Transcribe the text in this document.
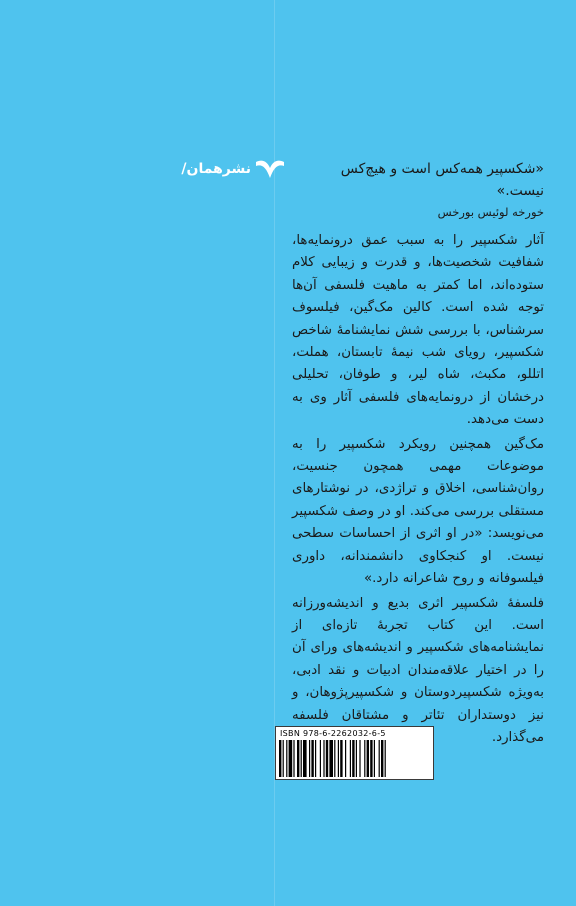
نشرهمان/	«شکسپیر همه‌کس است و هیچ‌کس نیست.»

خورخه لوئیس بورخس

آثار شکسپیر را به سبب عمق درونمایه‌ها، شفافیت شخصیت‌ها، و قدرت و زیبایی کلام ستوده‌اند، اما کمتر به ماهیت فلسفی آن‌ها توجه شده است. کالین مک‌گین، فیلسوف سرشناس، با بررسی شش نمایشنامهٔ شاخص شکسپیر، رویای شب نیمهٔ تابستان، هملت، اتللو، مکبث، شاه لیر، و طوفان، تحلیلی درخشان از درونمایه‌های فلسفی آثار وی به دست می‌دهد.

مک‌گین همچنین رویکرد شکسپیر را به موضوعات مهمی همچون جنسیت، روان‌شناسی، اخلاق و تراژدی، در نوشتارهای مستقلی بررسی می‌کند. او در وصف شکسپیر می‌نویسد: «در او اثری از احساسات سطحی نیست. او کنجکاوی دانشمندانه، داوری فیلسوفانه و روح شاعرانه دارد.»

فلسفهٔ شکسپیر اثری بدیع و اندیشه‌ورزانه است. این کتاب تجربهٔ تازه‌ای از نمایشنامه‌های شکسپیر و اندیشه‌های ورای آن را در اختیار علاقه‌مندان ادبیات و نقد ادبی، به‌ویژه شکسپیردوستان و شکسپیرپژوهان، و نیز دوستداران تئاتر و مشتاقان فلسفه می‌گذارد.

ISBN 978-6-2262032-6-5
